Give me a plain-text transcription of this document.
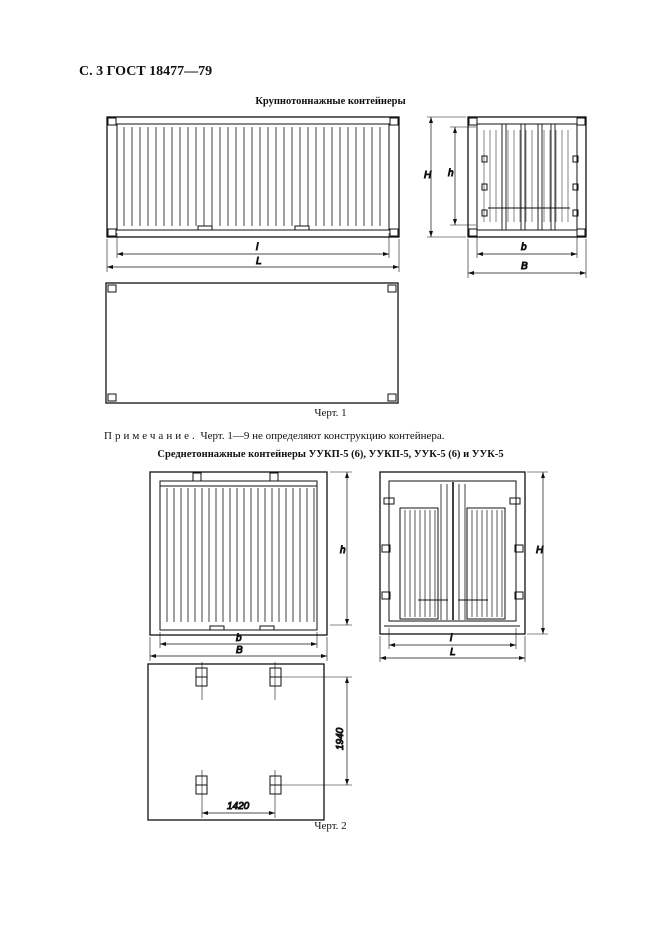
С. 3 ГОСТ 18477—79
Крупнотоннажные контейнеры
l
L
H h
b
B
h
b
B
H
l
L
1940
1420
Черт. 1
Примечание. Черт. 1—9 не определяют конструкцию контейнера.
Среднетоннажные контейнеры УУКП-5 (6), УУКП-5, УУК-5 (6) и УУК-5
Черт. 2
